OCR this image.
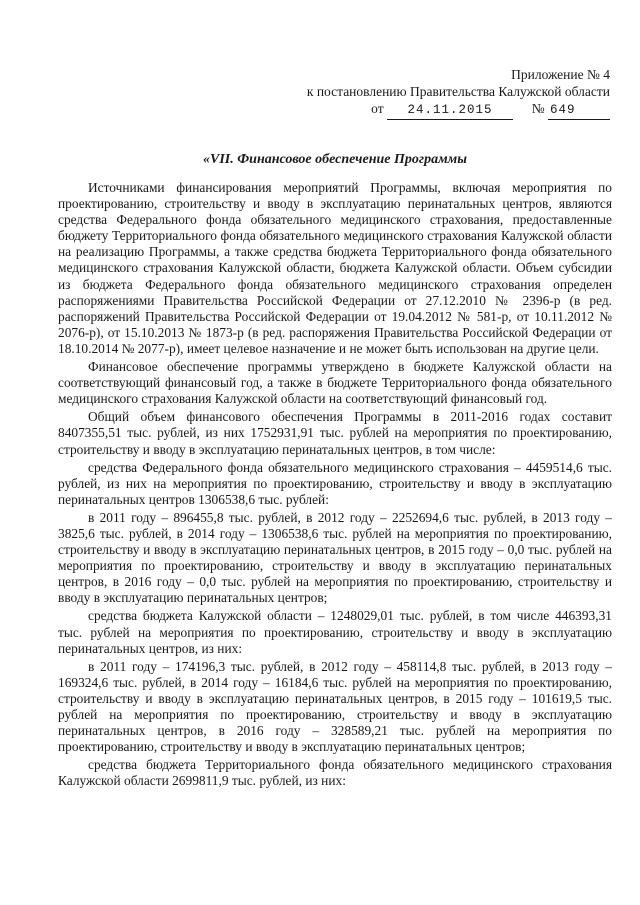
Приложение № 4
к постановлению Правительства Калужской области
от 24.11.2015	№ 649
«VII. Финансовое обеспечение Программы

Источниками финансирования мероприятий Программы, включая мероприятия по проектированию, строительству и вводу в эксплуатацию перинатальных центров, являются средства Федерального фонда обязательного медицинского страхования, предоставленные бюджету Территориального фонда обязательного медицинского страхования Калужской области на реализацию Программы, а также средства бюджета Территориального фонда обязательного медицинского страхования Калужской области, бюджета Калужской области. Объем субсидии из бюджета Федерального фонда обязательного медицинского страхования определен распоряжениями Правительства Российской Федерации от 27.12.2010 № 2396-р (в ред. распоряжений Правительства Российской Федерации от 19.04.2012 № 581-р, от 10.11.2012 № 2076-р), от 15.10.2013 № 1873-р (в ред. распоряжения Правительства Российской Федерации от 18.10.2014 № 2077-р), имеет целевое назначение и не может быть использован на другие цели.

Финансовое обеспечение программы утверждено в бюджете Калужской области на соответствующий финансовый год, а также в бюджете Территориального фонда обязательного медицинского страхования Калужской области на соответствующий финансовый год.

Общий объем финансового обеспечения Программы в 2011-2016 годах составит 8407355,51 тыс. рублей, из них 1752931,91 тыс. рублей на мероприятия по проектированию, строительству и вводу в эксплуатацию перинатальных центров, в том числе:

средства Федерального фонда обязательного медицинского страхования – 4459514,6 тыс. рублей, из них на мероприятия по проектированию, строительству и вводу в эксплуатацию перинатальных центров 1306538,6 тыс. рублей:

в 2011 году – 896455,8 тыс. рублей, в 2012 году – 2252694,6 тыс. рублей, в 2013 году – 3825,6 тыс. рублей, в 2014 году – 1306538,6 тыс. рублей на мероприятия по проектированию, строительству и вводу в эксплуатацию перинатальных центров, в 2015 году – 0,0 тыс. рублей на мероприятия по проектированию, строительству и вводу в эксплуатацию перинатальных центров, в 2016 году – 0,0 тыс. рублей на мероприятия по проектированию, строительству и вводу в эксплуатацию перинатальных центров;

средства бюджета Калужской области – 1248029,01 тыс. рублей, в том числе 446393,31 тыс. рублей на мероприятия по проектированию, строительству и вводу в эксплуатацию перинатальных центров, из них:

в 2011 году – 174196,3 тыс. рублей, в 2012 году – 458114,8 тыс. рублей, в 2013 году – 169324,6 тыс. рублей, в 2014 году – 16184,6 тыс. рублей на мероприятия по проектированию, строительству и вводу в эксплуатацию перинатальных центров, в 2015 году – 101619,5 тыс. рублей на мероприятия по проектированию, строительству и вводу в эксплуатацию перинатальных центров, в 2016 году – 328589,21 тыс. рублей на мероприятия по проектированию, строительству и вводу в эксплуатацию перинатальных центров;

средства бюджета Территориального фонда обязательного медицинского страхования Калужской области 2699811,9 тыс. рублей, из них:
